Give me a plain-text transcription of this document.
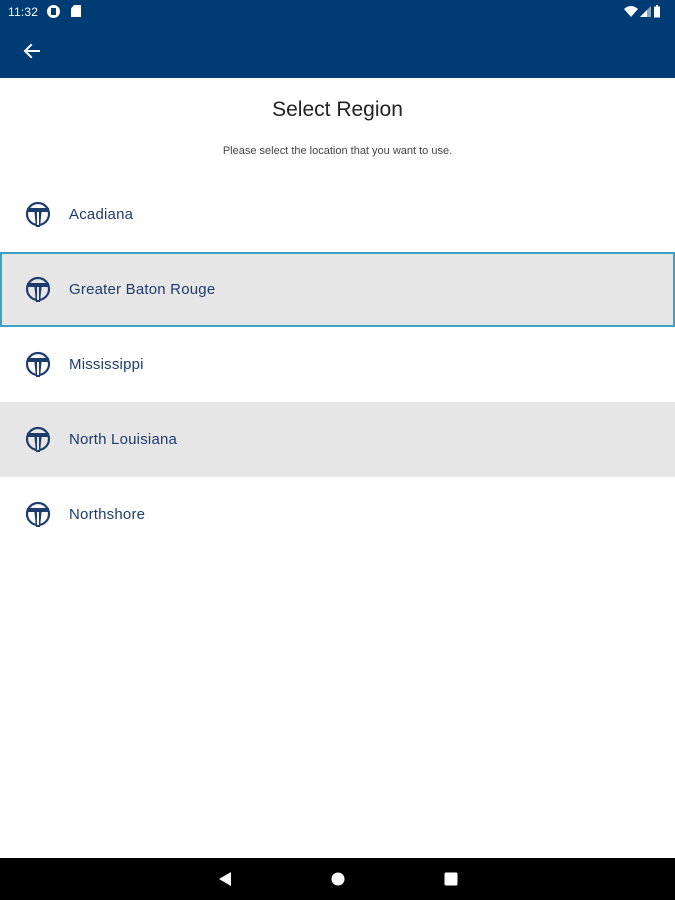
11:32
Select Region
Please select the location that you want to use.
Acadiana
Greater Baton Rouge
Mississippi
North Louisiana
Northshore
